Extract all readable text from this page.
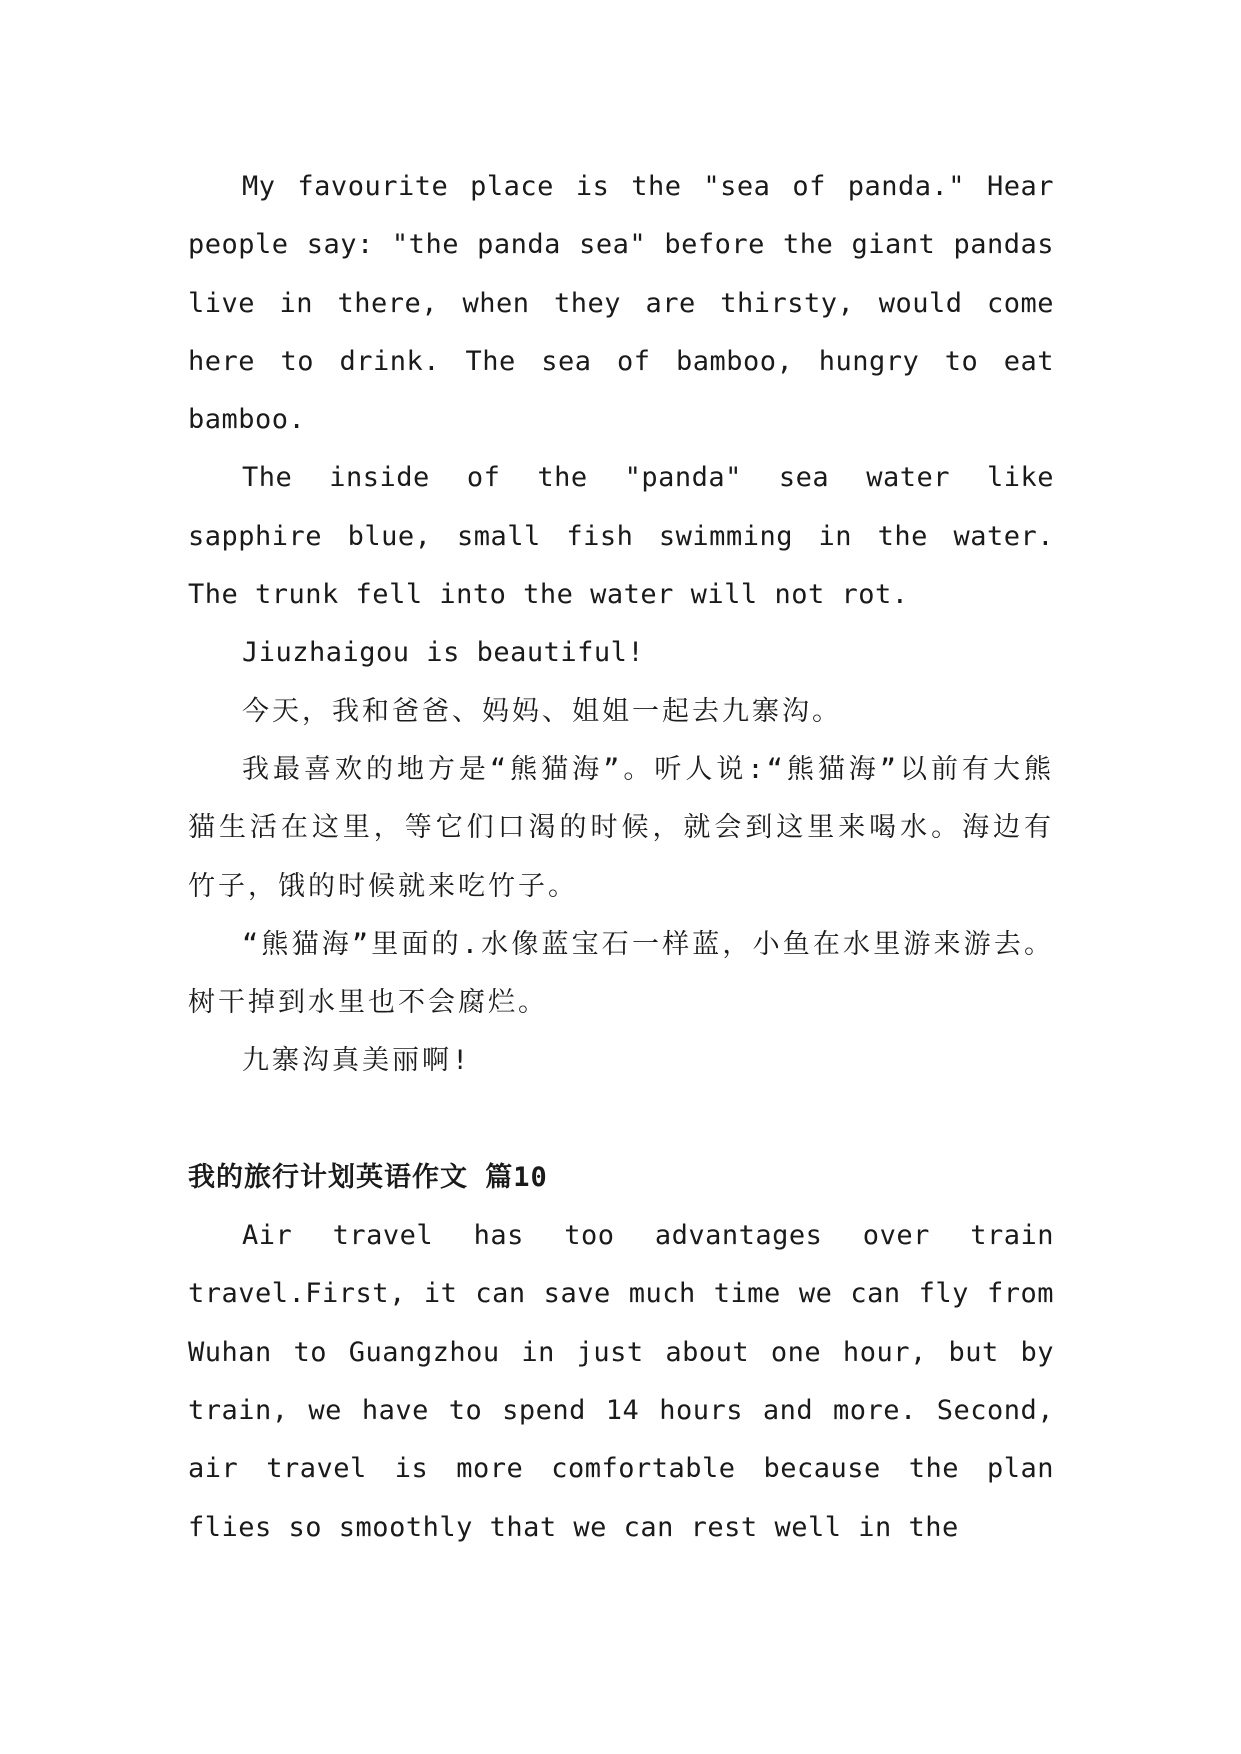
My favourite place is the "sea of panda." Hear people say: "the panda sea" before the giant pandas live in there, when they are thirsty, would come here to drink. The sea of bamboo, hungry to eat bamboo.

The inside of the "panda" sea water like sapphire blue, small fish swimming in the water. The trunk fell into the water will not rot.

Jiuzhaigou is beautiful!

今天，我和爸爸、妈妈、姐姐一起去九寨沟。

我最喜欢的地方是“熊猫海”。听人说:“熊猫海”以前有大熊猫生活在这里，等它们口渴的时候，就会到这里来喝水。海边有竹子，饿的时候就来吃竹子。

“熊猫海”里面的.水像蓝宝石一样蓝，小鱼在水里游来游去。树干掉到水里也不会腐烂。

九寨沟真美丽啊!

我的旅行计划英语作文 篇10

Air travel has too advantages over train travel.First, it can save much time we can fly from Wuhan to Guangzhou in just about one hour, but by train, we have to spend 14 hours and more. Second, air travel is more comfortable because the plan flies so smoothly that we can rest well in the
